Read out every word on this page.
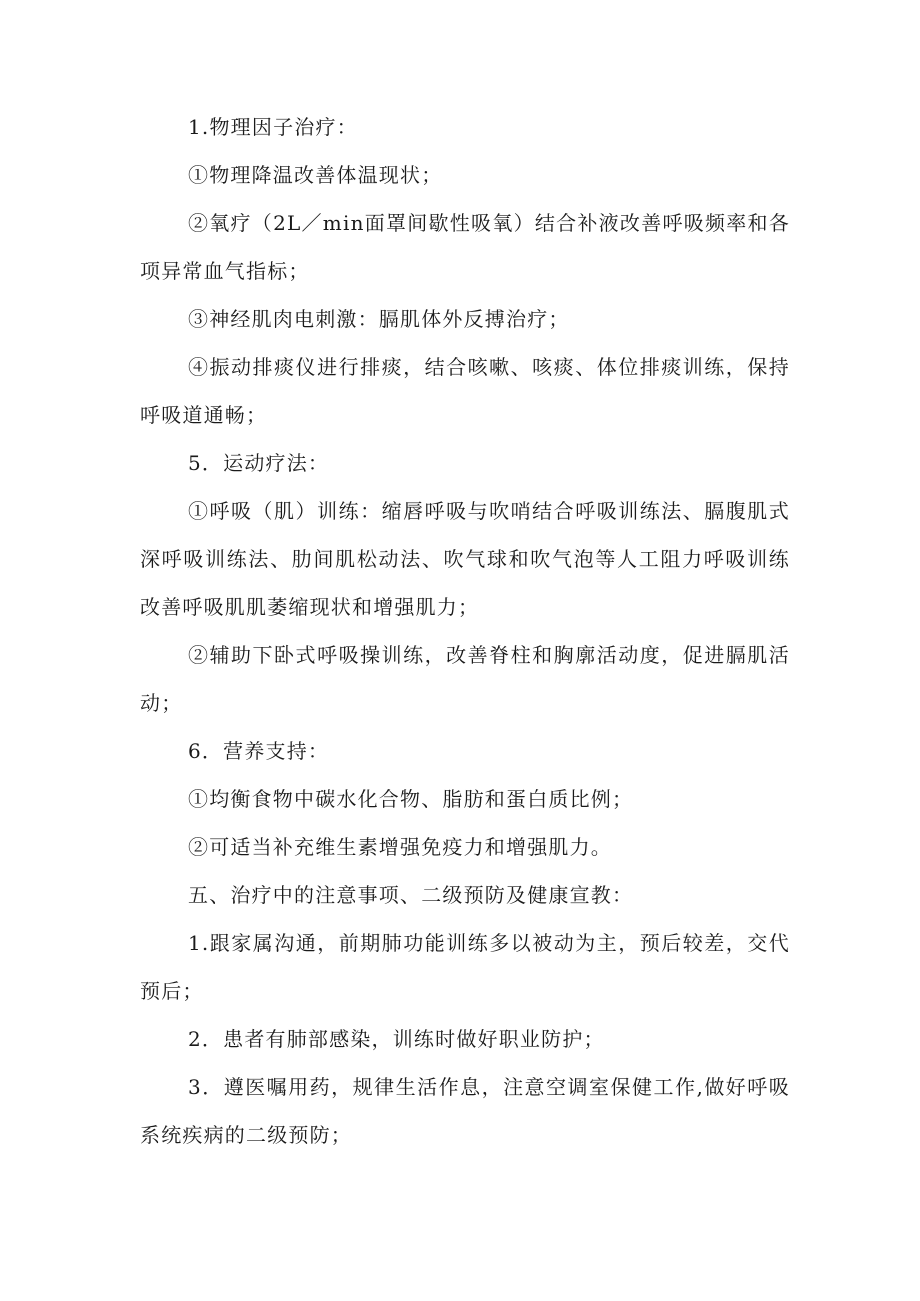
1.物理因子治疗：

①物理降温改善体温现状；

②氧疗（2L／min面罩间歇性吸氧）结合补液改善呼吸频率和各项异常血气指标；

③神经肌肉电刺激：膈肌体外反搏治疗；

④振动排痰仪进行排痰，结合咳嗽、咳痰、体位排痰训练，保持呼吸道通畅；

5．运动疗法：

①呼吸（肌）训练：缩唇呼吸与吹哨结合呼吸训练法、膈腹肌式深呼吸训练法、肋间肌松动法、吹气球和吹气泡等人工阻力呼吸训练改善呼吸肌肌萎缩现状和增强肌力；

②辅助下卧式呼吸操训练，改善脊柱和胸廓活动度，促进膈肌活动；

6．营养支持：

①均衡食物中碳水化合物、脂肪和蛋白质比例；

②可适当补充维生素增强免疫力和增强肌力。

五、治疗中的注意事项、二级预防及健康宣教：

1.跟家属沟通，前期肺功能训练多以被动为主，预后较差，交代预后；

2．患者有肺部感染，训练时做好职业防护；

3．遵医嘱用药，规律生活作息，注意空调室保健工作,做好呼吸系统疾病的二级预防；
